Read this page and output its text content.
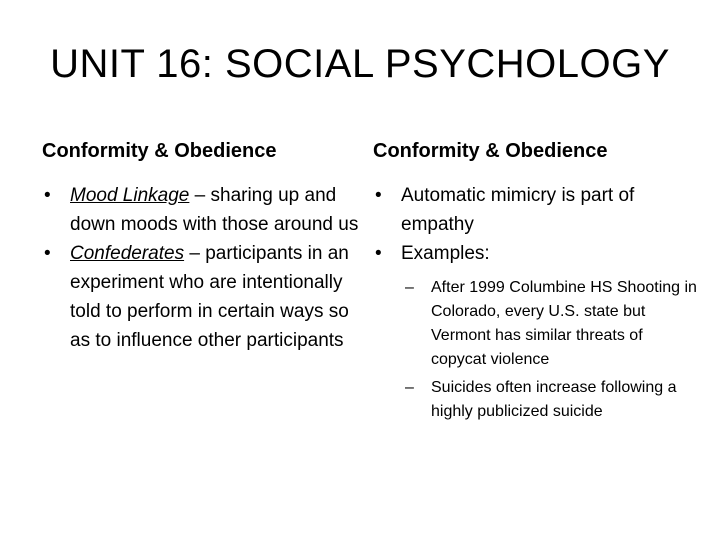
UNIT 16: SOCIAL PSYCHOLOGY
Conformity & Obedience
• Mood Linkage – sharing up and down moods with those around us
• Confederates – participants in an experiment who are intentionally told to perform in certain ways so as to influence other participants
Conformity & Obedience
• Automatic mimicry is part of empathy
• Examples:
– After 1999 Columbine HS Shooting in Colorado, every U.S. state but Vermont has similar threats of copycat violence
– Suicides often increase following a highly publicized suicide
